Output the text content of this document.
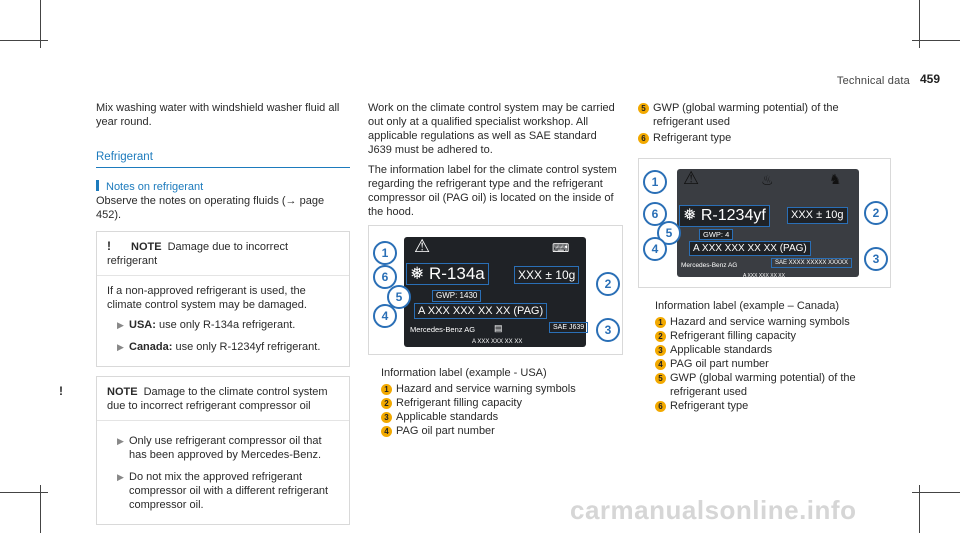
Technical data 459

Mix washing water with windshield washer fluid all year round.

Refrigerant
Notes on refrigerant

Observe the notes on operating fluids (→ page 452).

! NOTE Damage due to incorrect refrigerant

If a non-approved refrigerant is used, the climate control system may be damaged.

▶ USA: use only R-134a refrigerant.
▶ Canada: use only R-1234yf refrigerant.
!	NOTE Damage to the climate control system due to incorrect refrigerant compressor oil
▶ Only use refrigerant compressor oil that has been approved by Mercedes-Benz.
▶ Do not mix the approved refrigerant compressor oil with a different refrigerant compressor oil.

Work on the climate control system may be carried out only at a qualified specialist workshop. All applicable regulations as well as SAE standard J639 must be adhered to.

The information label for the climate control system regarding the refrigerant type and the refrigerant compressor oil (PAG oil) is located on the inside of the hood.

⚠	⌨
❅ R-134a	XXX ± 10g
GWP: 1430
A XXX XXX XX XX (PAG)
Mercedes-Benz AG ▤	SAE J639
A XXX XXX XX XX
1
6
5
4
2
3

Information label (example - USA)

1 Hazard and service warning symbols
2 Refrigerant filling capacity
3 Applicable standards
4 PAG oil part number
5 GWP (global warming potential) of the refrigerant used
6 Refrigerant type
⚠	♨	♞
❅ R-1234yf	XXX ± 10g
GWP: 4
A XXX XXX XX XX (PAG)
Mercedes-Benz AG	SAE XXXX XXXXX XXXXX
A XXX XXX XX XX
1
6
5
4
2
3

Information label (example – Canada)

1 Hazard and service warning symbols
2 Refrigerant filling capacity
3 Applicable standards
4 PAG oil part number
5 GWP (global warming potential) of the refrigerant used
6 Refrigerant type
carmanualsonline.info
